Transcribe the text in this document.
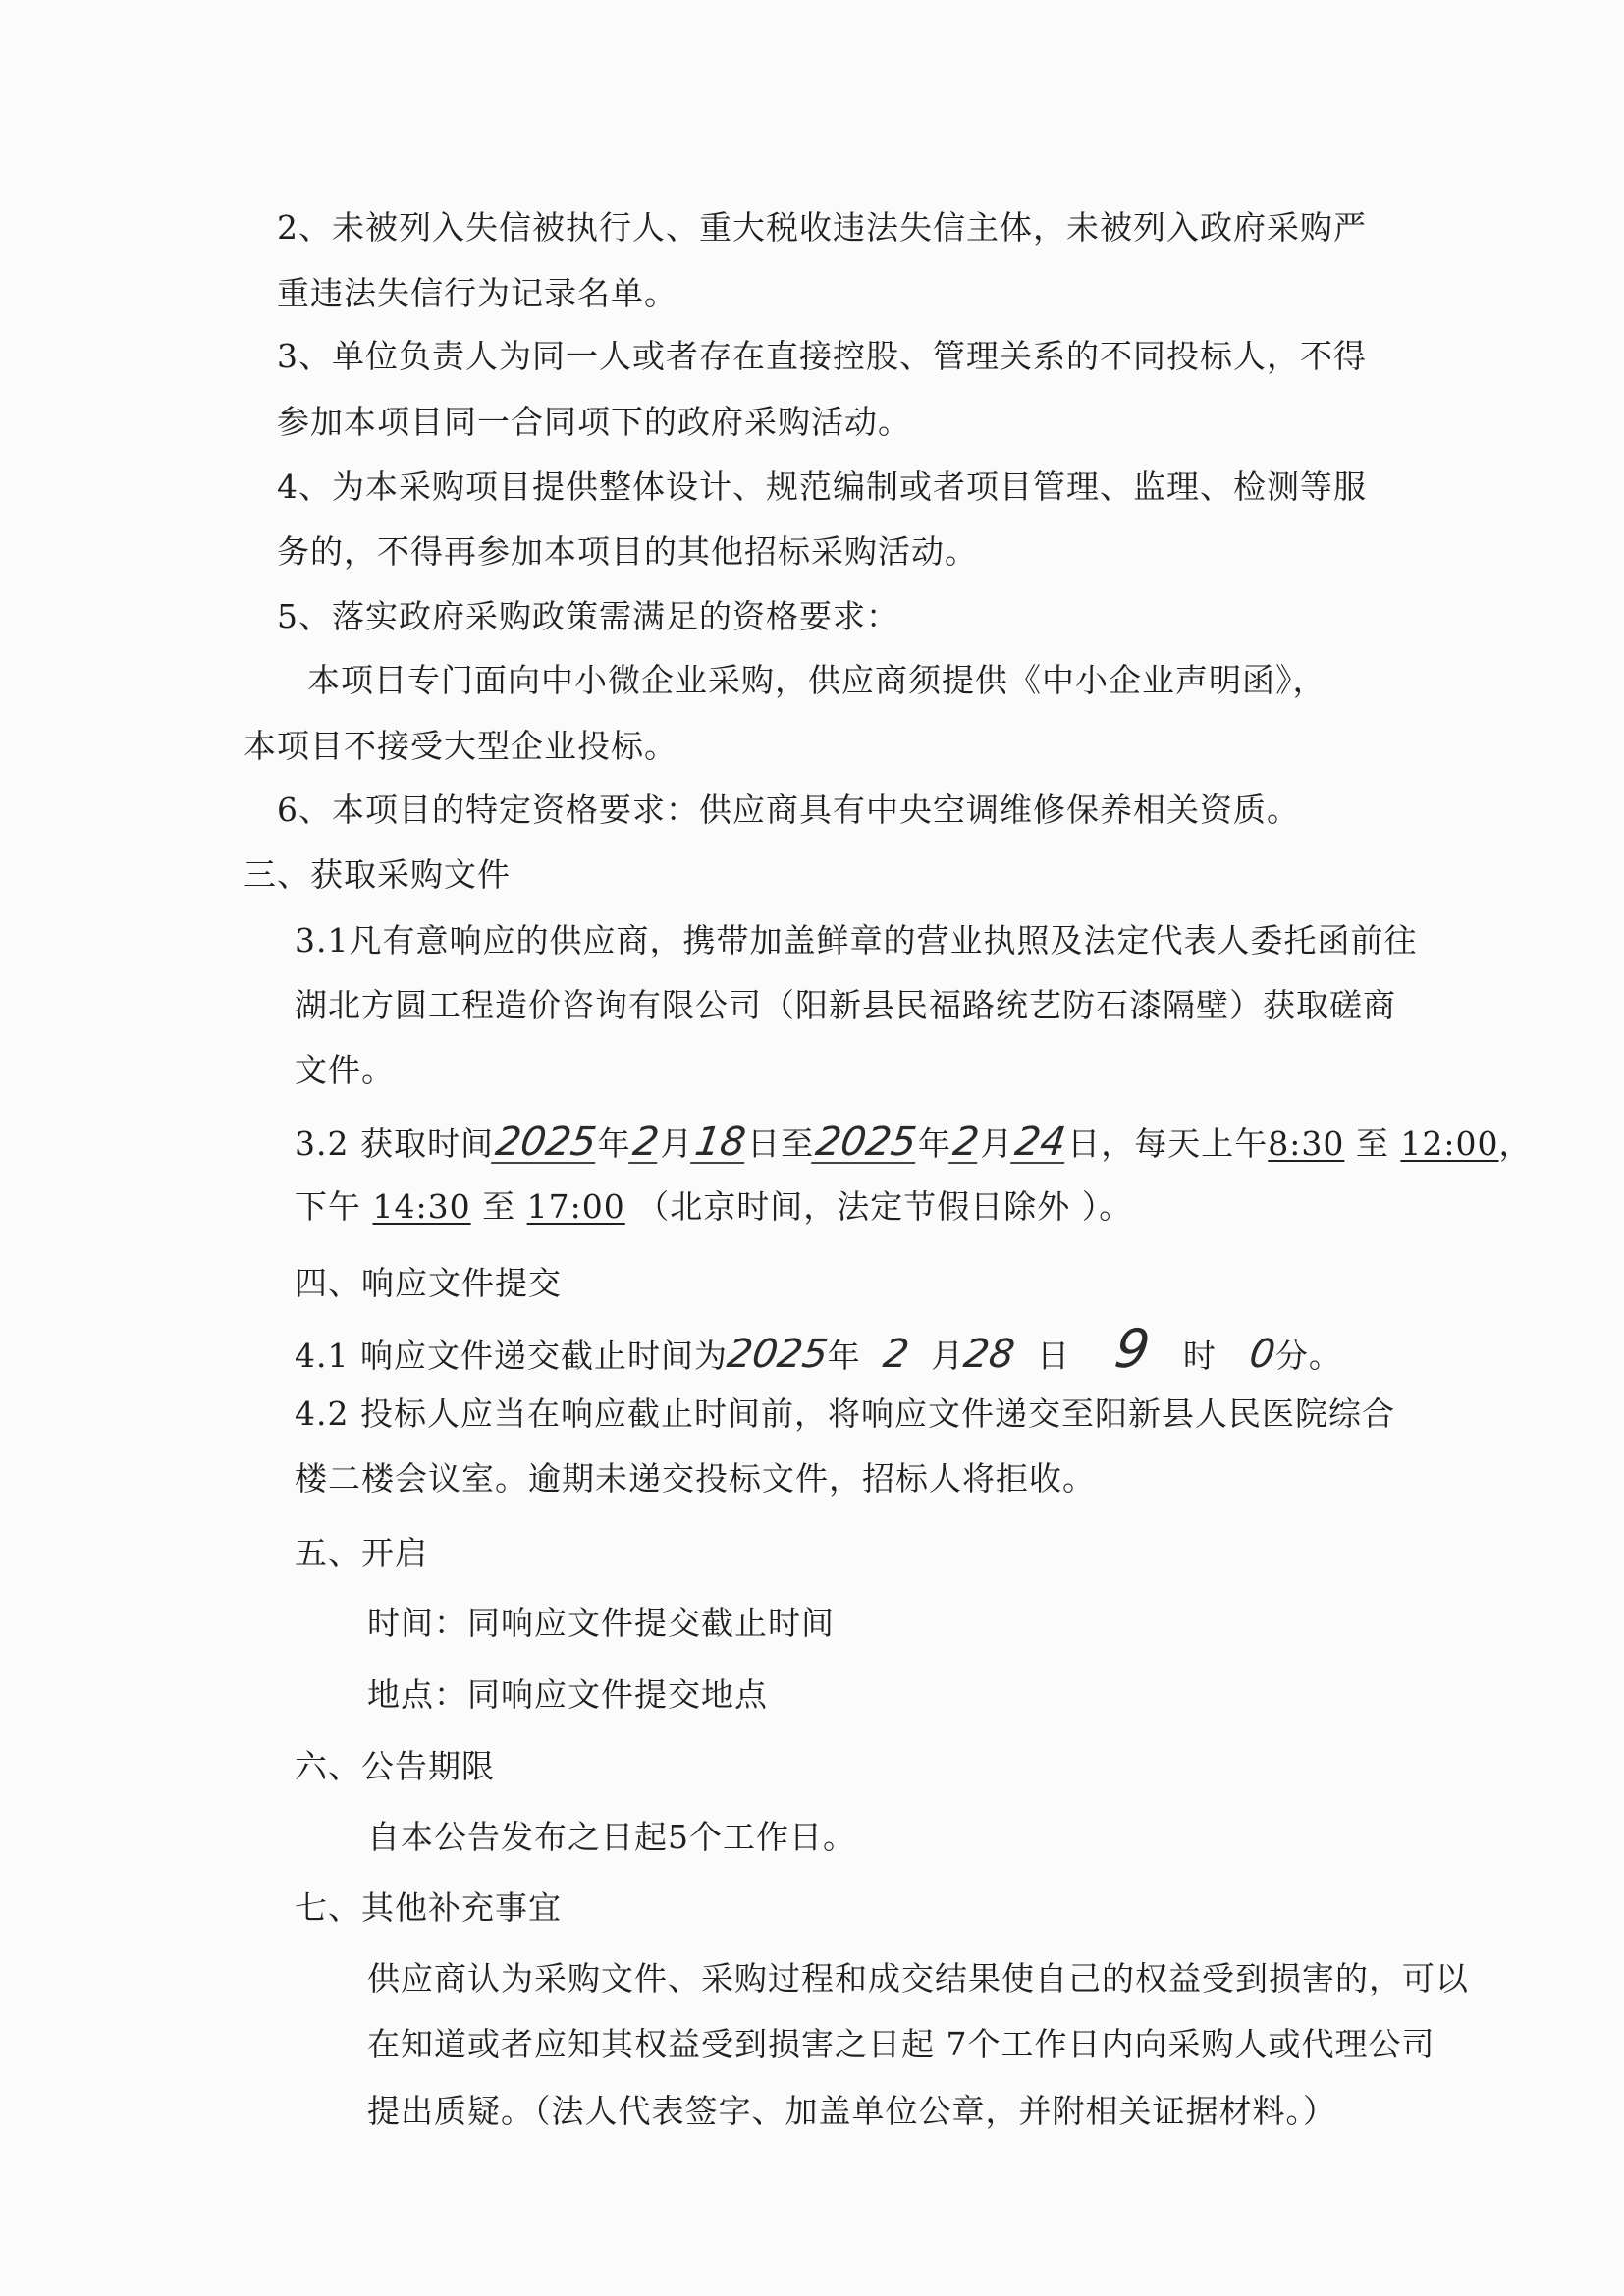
2、未被列入失信被执行人、重大税收违法失信主体，未被列入政府采购严
重违法失信行为记录名单。
3、单位负责人为同一人或者存在直接控股、管理关系的不同投标人，不得
参加本项目同一合同项下的政府采购活动。
4、为本采购项目提供整体设计、规范编制或者项目管理、监理、检测等服
务的，不得再参加本项目的其他招标采购活动。
5、落实政府采购政策需满足的资格要求：
本项目专门面向中小微企业采购，供应商须提供《中小企业声明函》，
本项目不接受大型企业投标。
6、本项目的特定资格要求：供应商具有中央空调维修保养相关资质。
三、获取采购文件
3.1凡有意响应的供应商，携带加盖鲜章的营业执照及法定代表人委托函前往
湖北方圆工程造价咨询有限公司（阳新县民福路统艺防石漆隔壁）获取磋商
文件。
3.2 获取时间2025年2月18日至2025年2月24日，每天上午8:30 至 12:00，
下午 14:30 至 17:00 （北京时间，法定节假日除外 ）。
四、响应文件提交
4.1 响应文件递交截止时间为2025年 2 月28 日 9 时 0分。
4.2 投标人应当在响应截止时间前，将响应文件递交至阳新县人民医院综合
楼二楼会议室。逾期未递交投标文件，招标人将拒收。
五、开启
时间：同响应文件提交截止时间
地点：同响应文件提交地点
六、公告期限
自本公告发布之日起5个工作日。
七、其他补充事宜
供应商认为采购文件、采购过程和成交结果使自己的权益受到损害的，可以
在知道或者应知其权益受到损害之日起 7个工作日内向采购人或代理公司
提出质疑。（法人代表签字、加盖单位公章，并附相关证据材料。）
